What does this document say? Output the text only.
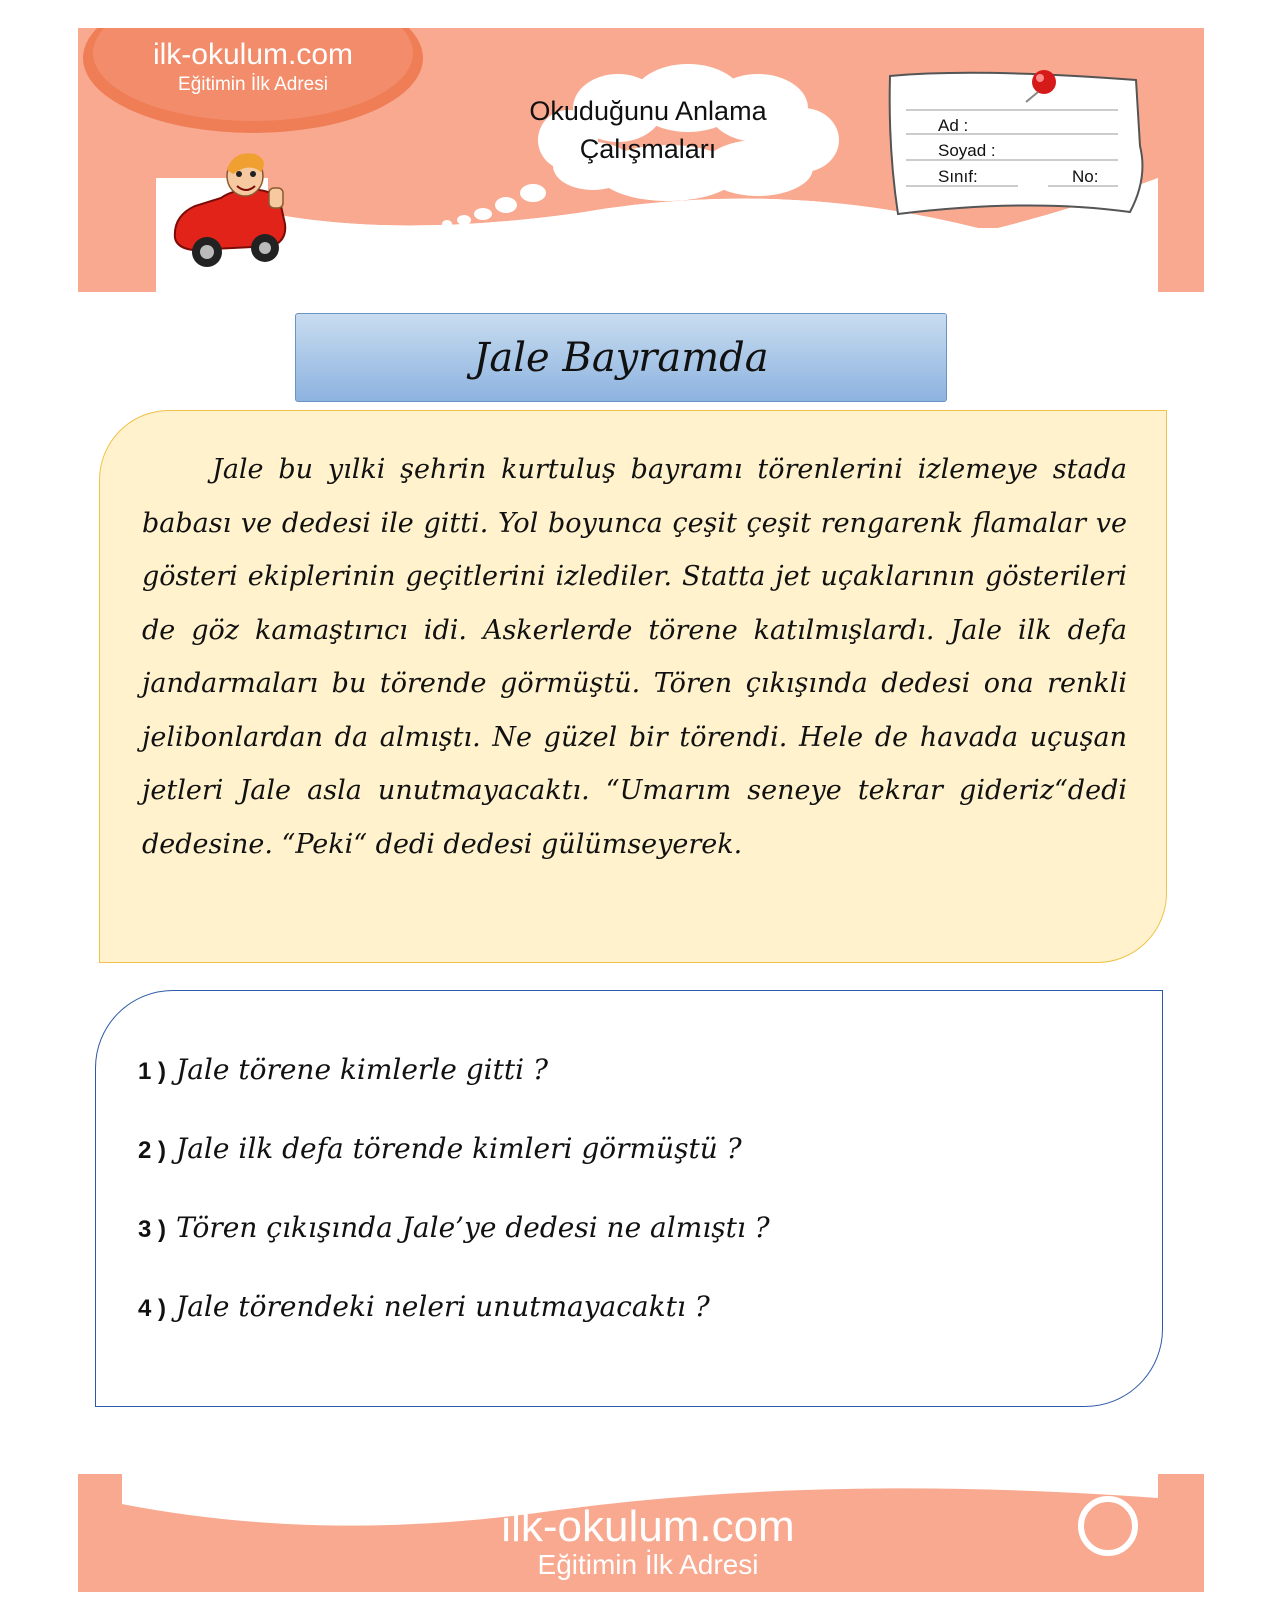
ilk-okulum.com
Eğitimin İlk Adresi
Okuduğunu Anlama
Çalışmaları
Ad :
Soyad :
Sınıf:	No:
Jale Bayramda
Jale bu yılki şehrin kurtuluş bayramı törenlerini izlemeye stada babası ve dedesi ile gitti. Yol boyunca çeşit çeşit rengarenk flamalar ve gösteri ekiplerinin geçitlerini izlediler. Statta jet uçaklarının gösterileri de göz kamaştırıcı idi. Askerlerde törene katılmışlardı. Jale ilk defa jandarmaları bu törende görmüştü. Tören çıkışında dedesi ona renkli jelibonlardan da almıştı. Ne güzel bir törendi. Hele de havada uçuşan jetleri Jale asla unutmayacaktı. “Umarım seneye tekrar gideriz“dedi dedesine. “Peki“ dedi dedesi gülümseyerek.
1 ) Jale törene kimlerle gitti ?
2 ) Jale ilk defa törende kimleri görmüştü ?
3 ) Tören çıkışında Jale’ye dedesi ne almıştı ?
4 ) Jale törendeki neleri unutmayacaktı ?
ilk-okulum.com
Eğitimin İlk Adresi
